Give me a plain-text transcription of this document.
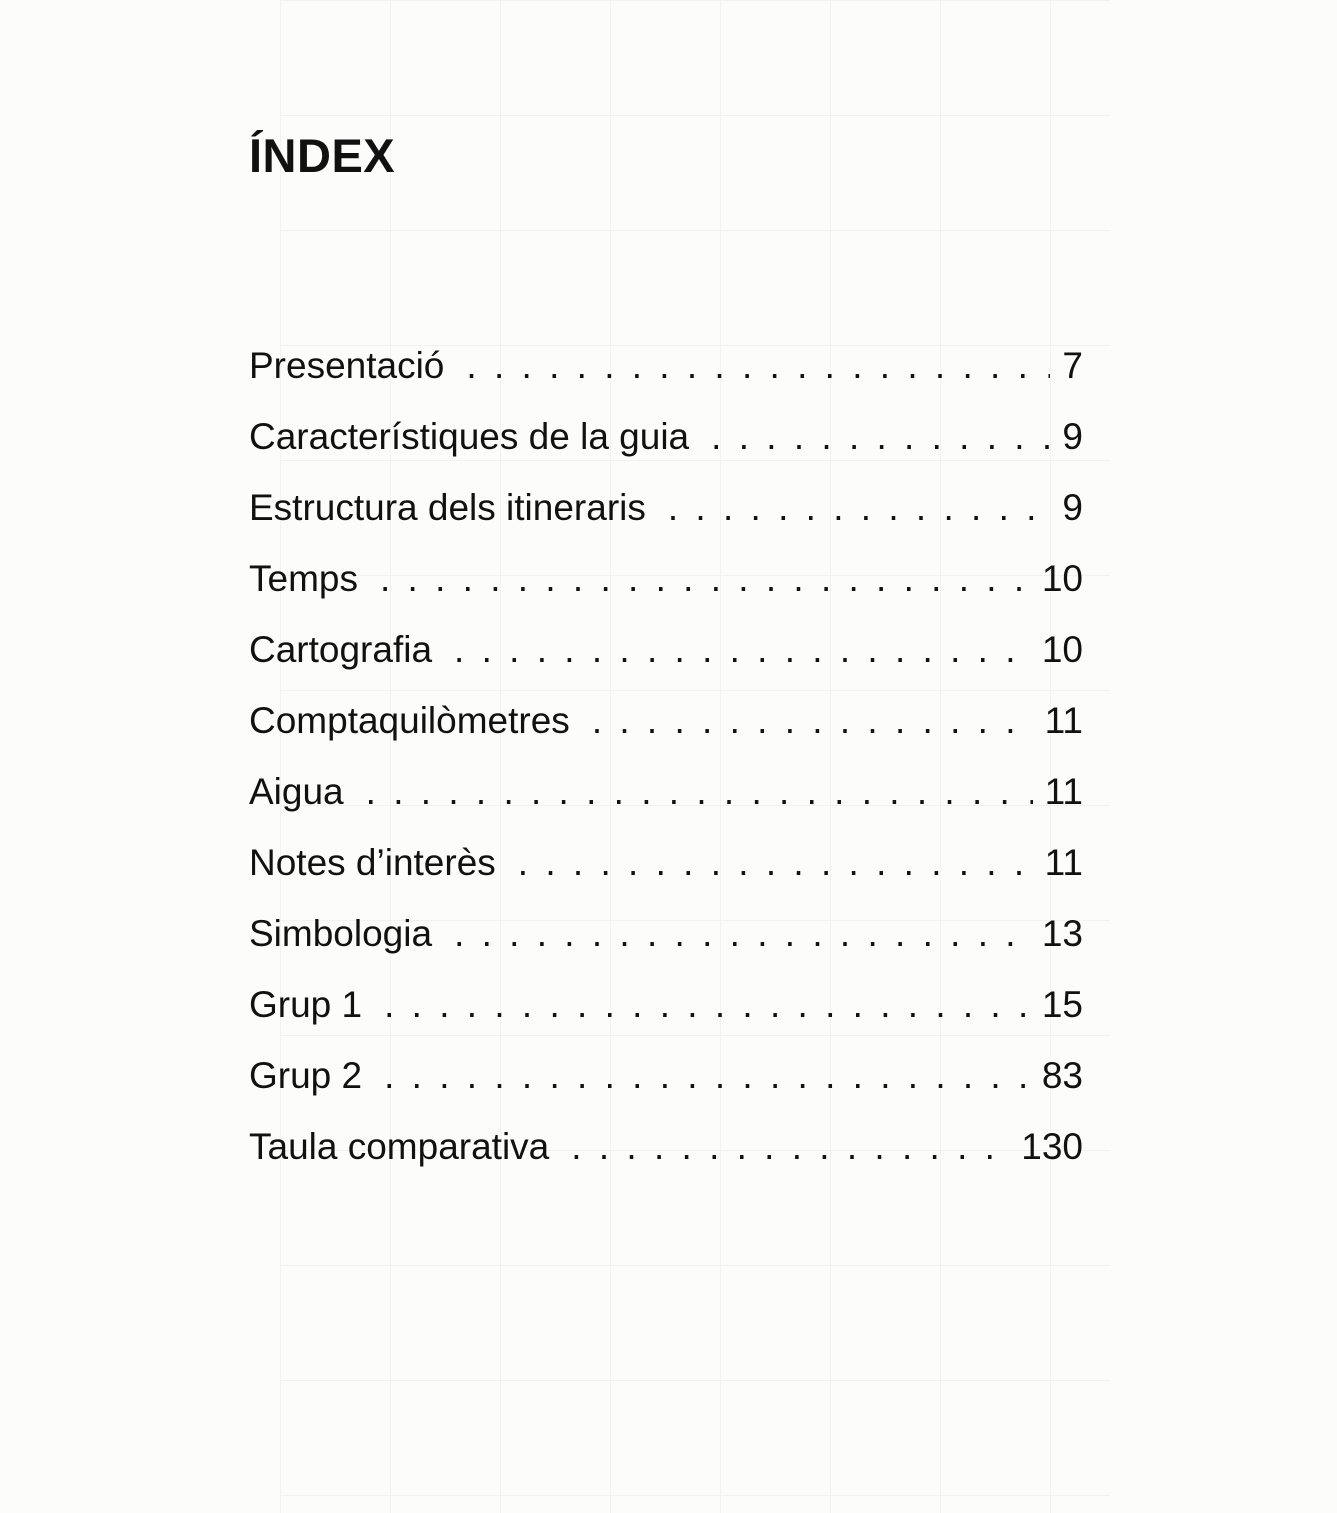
ÍNDEX
Presentació . . .	7
Característiques de la guia . . .	9
Estructura dels itineraris . . .	9
Temps . . .	10
Cartografia . . .	10
Comptaquilòmetres . . .	11
Aigua . . .	11
Notes d’interès . . .	11
Simbologia . . .	13
Grup 1 . . .	15
Grup 2 . . .	83
Taula comparativa . . .	130
